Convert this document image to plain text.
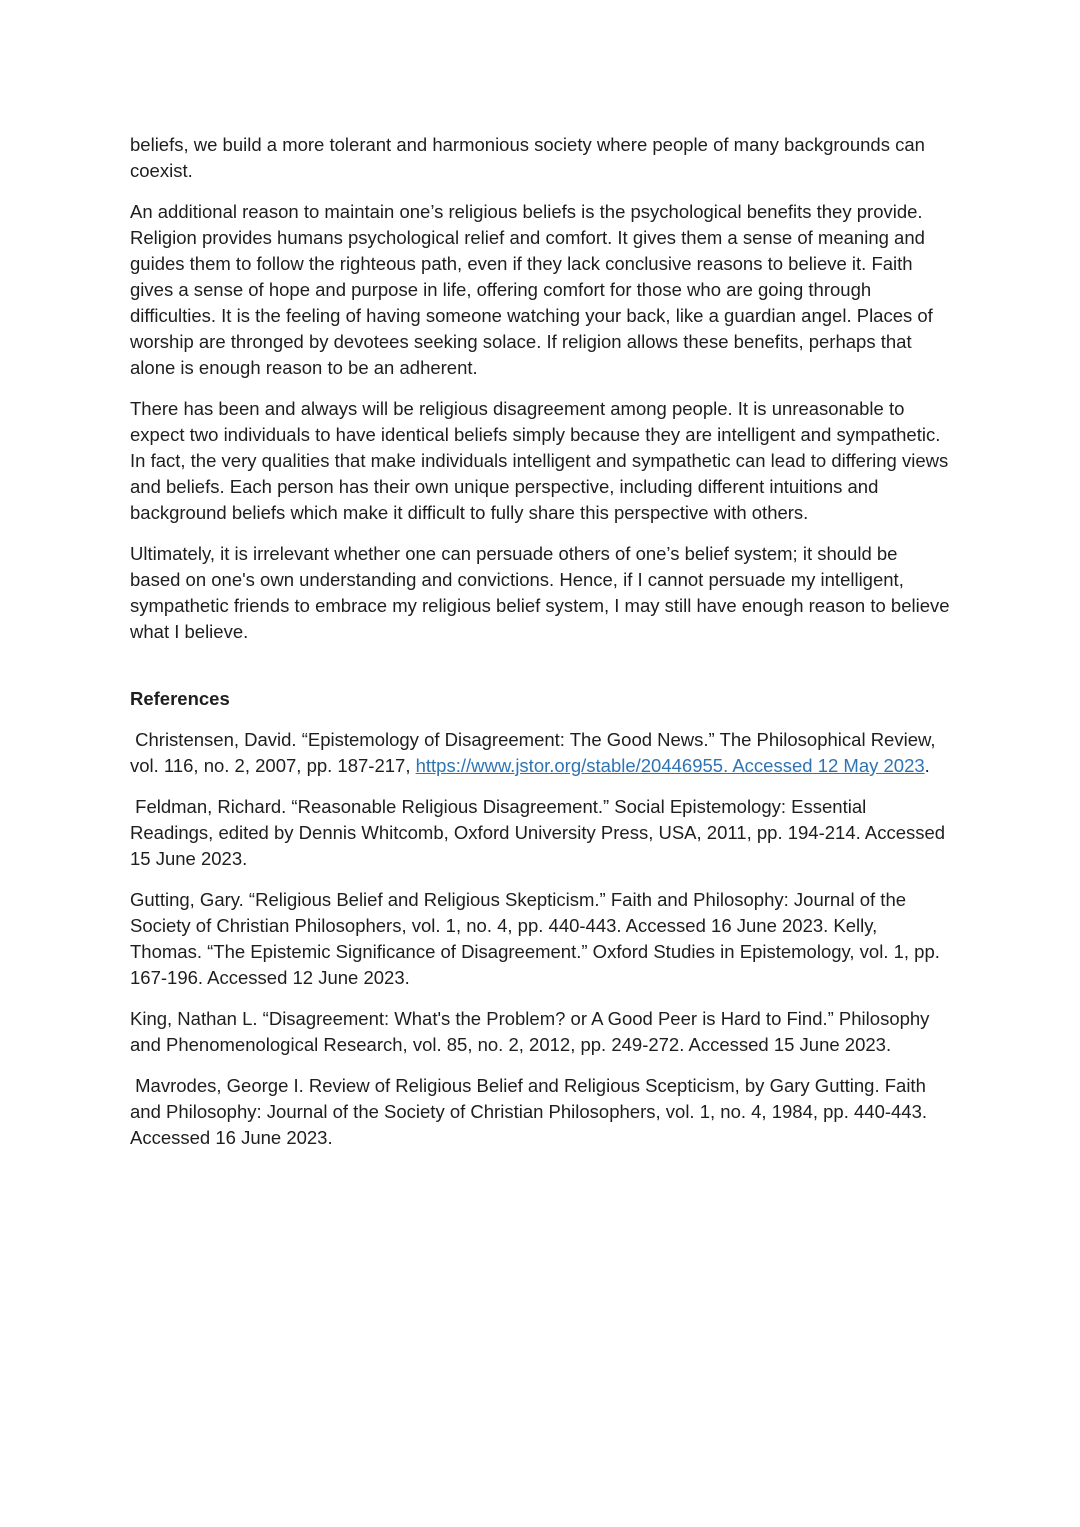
beliefs, we build a more tolerant and harmonious society where people of many backgrounds can coexist.

An additional reason to maintain one’s religious beliefs is the psychological benefits they provide. Religion provides humans psychological relief and comfort. It gives them a sense of meaning and guides them to follow the righteous path, even if they lack conclusive reasons to believe it. Faith gives a sense of hope and purpose in life, offering comfort for those who are going through difficulties. It is the feeling of having someone watching your back, like a guardian angel. Places of worship are thronged by devotees seeking solace. If religion allows these benefits, perhaps that alone is enough reason to be an adherent.

There has been and always will be religious disagreement among people. It is unreasonable to expect two individuals to have identical beliefs simply because they are intelligent and sympathetic. In fact, the very qualities that make individuals intelligent and sympathetic can lead to differing views and beliefs. Each person has their own unique perspective, including different intuitions and background beliefs which make it difficult to fully share this perspective with others.

Ultimately, it is irrelevant whether one can persuade others of one’s belief system; it should be based on one's own understanding and convictions. Hence, if I cannot persuade my intelligent, sympathetic friends to embrace my religious belief system, I may still have enough reason to believe what I believe.

References

Christensen, David. “Epistemology of Disagreement: The Good News.” The Philosophical Review, vol. 116, no. 2, 2007, pp. 187-217, https://www.jstor.org/stable/20446955. Accessed 12 May 2023.

Feldman, Richard. “Reasonable Religious Disagreement.” Social Epistemology: Essential Readings, edited by Dennis Whitcomb, Oxford University Press, USA, 2011, pp. 194-214. Accessed 15 June 2023.

Gutting, Gary. “Religious Belief and Religious Skepticism.” Faith and Philosophy: Journal of the Society of Christian Philosophers, vol. 1, no. 4, pp. 440-443. Accessed 16 June 2023. Kelly, Thomas. “The Epistemic Significance of Disagreement.” Oxford Studies in Epistemology, vol. 1, pp. 167-196. Accessed 12 June 2023.

King, Nathan L. “Disagreement: What's the Problem? or A Good Peer is Hard to Find.” Philosophy and Phenomenological Research, vol. 85, no. 2, 2012, pp. 249-272. Accessed 15 June 2023.

Mavrodes, George I. Review of Religious Belief and Religious Scepticism, by Gary Gutting. Faith and Philosophy: Journal of the Society of Christian Philosophers, vol. 1, no. 4, 1984, pp. 440-443. Accessed 16 June 2023.
